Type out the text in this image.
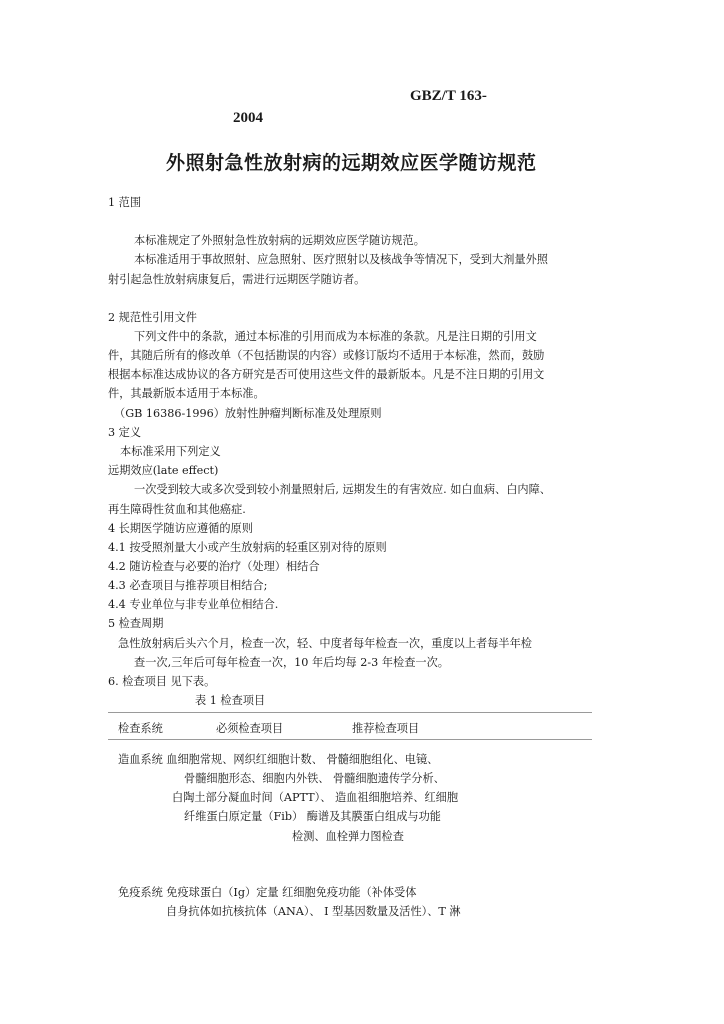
GBZ/T 163-
2004
外照射急性放射病的远期效应医学随访规范
1 范围
本标准规定了外照射急性放射病的远期效应医学随访规范。
本标准适用于事故照射、应急照射、医疗照射以及核战争等情况下，受到大剂量外照
射引起急性放射病康复后，需进行远期医学随访者。
2 规范性引用文件
下列文件中的条款，通过本标准的引用而成为本标准的条款。凡是注日期的引用文
件，其随后所有的修改单（不包括勘误的内容）或修订版均不适用于本标准，然而，鼓励
根据本标准达成协议的各方研究是否可使用这些文件的最新版本。凡是不注日期的引用文
件，其最新版本适用于本标准。
（GB 16386-1996）放射性肿瘤判断标准及处理原则
3 定义
本标准采用下列定义
远期效应(late effect)
一次受到较大或多次受到较小剂量照射后, 远期发生的有害效应. 如白血病、白内障、
再生障碍性贫血和其他癌症.
4 长期医学随访应遵循的原则
4.1 按受照剂量大小或产生放射病的轻重区别对待的原则
4.2 随访检查与必要的治疗（处理）相结合
4.3 必查项目与推荐项目相结合;
4.4 专业单位与非专业单位相结合.
5 检查周期
急性放射病后头六个月，检查一次，轻、中度者每年检查一次，重度以上者每半年检
查一次,三年后可每年检查一次，10 年后均每 2-3 年检查一次。
6. 检查项目 见下表。
表 1 检查项目
检查系统	必须检查项目	推荐检查项目
造血系统 血细胞常规、网织红细胞计数、 骨髓细胞组化、电镜、
骨髓细胞形态、细胞内外铁、 骨髓细胞遗传学分析、
白陶土部分凝血时间（APTT）、 造血祖细胞培养、红细胞
纤维蛋白原定量（Fib） 酶谱及其膜蛋白组成与功能
检测、血栓弹力图检查
免疫系统 免疫球蛋白（Ig）定量 红细胞免疫功能（补体受体
自身抗体如抗核抗体（ANA）、 I 型基因数量及活性）、T 淋
